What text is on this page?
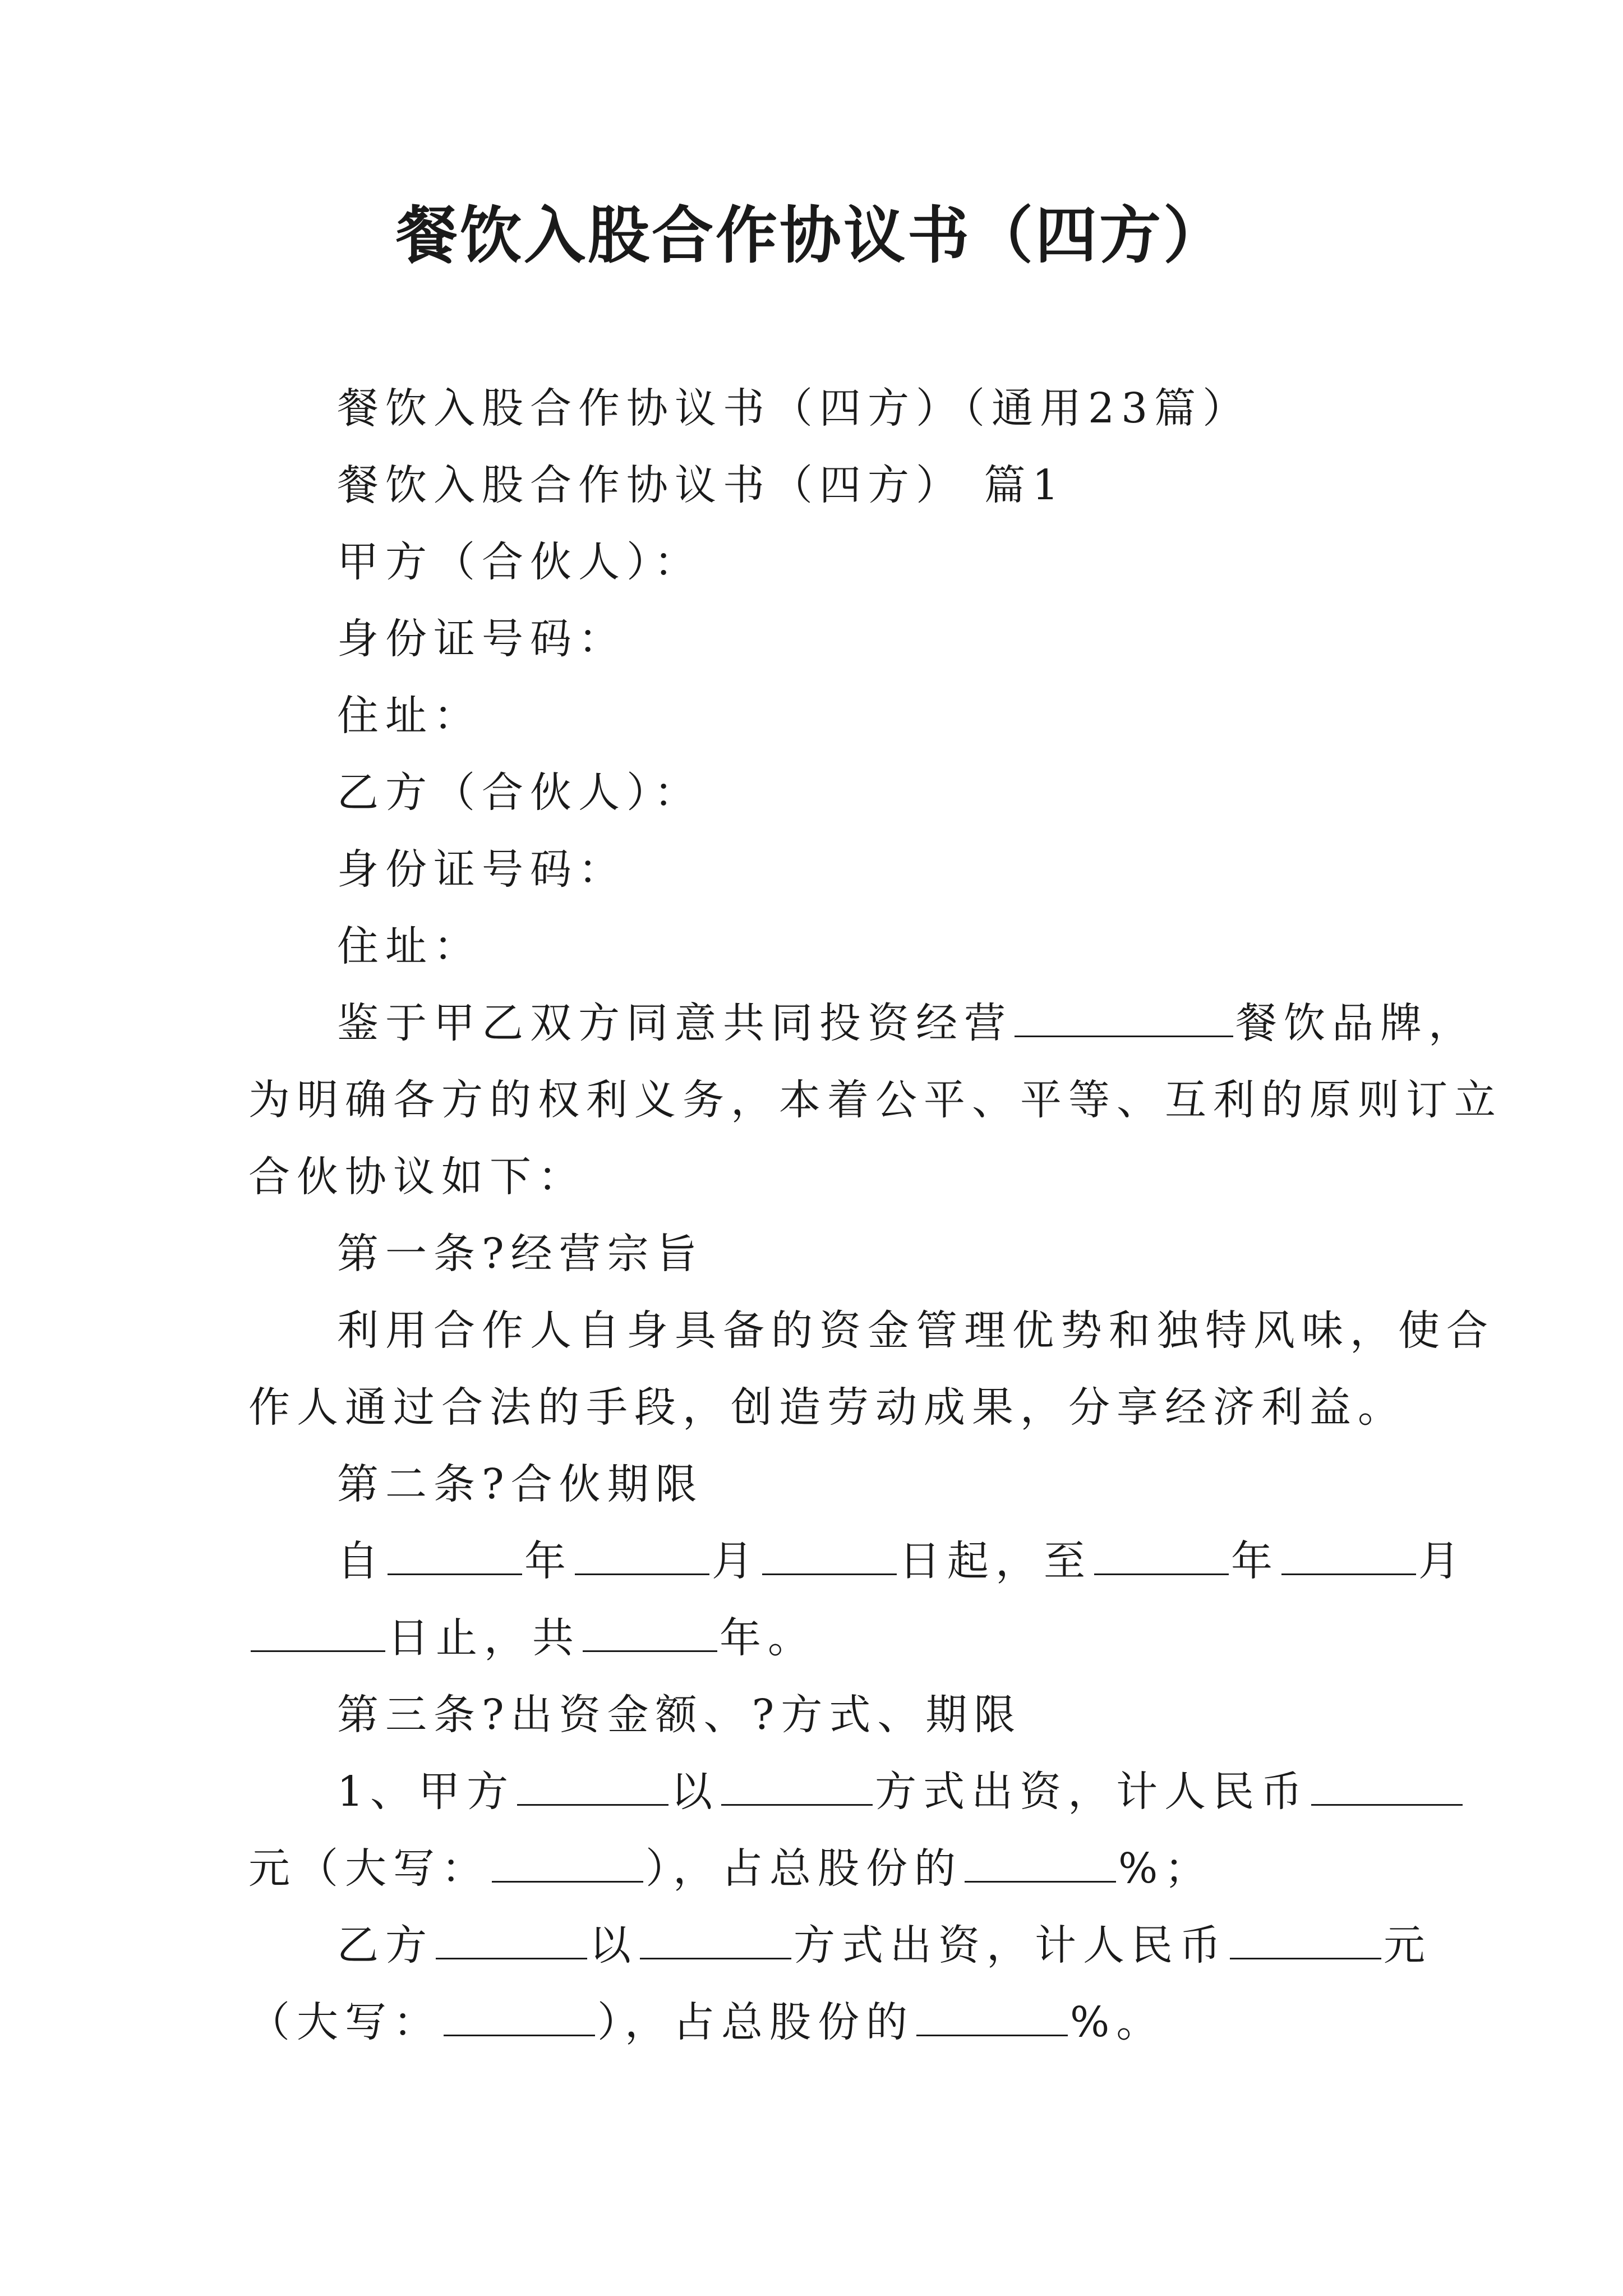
餐饮入股合作协议书（四方）
餐饮入股合作协议书（四方）（通用23篇）
餐饮入股合作协议书（四方） 篇1
甲方（合伙人）：
身份证号码：
住址：
乙方（合伙人）：
身份证号码：
住址：
鉴于甲乙双方同意共同投资经营	餐饮品牌，
为明确各方的权利义务，本着公平、平等、互利的原则订立
合伙协议如下：
第一条?经营宗旨
利用合作人自身具备的资金管理优势和独特风味，使合
作人通过合法的手段，创造劳动成果，分享经济利益。
第二条?合伙期限
自	年	月	日起，至	年	月
日止，共	年。
第三条?出资金额、?方式、期限
1、甲方	以	方式出资，计人民币
元（大写：	），占总股份的	%；
乙方	以	方式出资，计人民币	元
（大写：	），占总股份的	%。
